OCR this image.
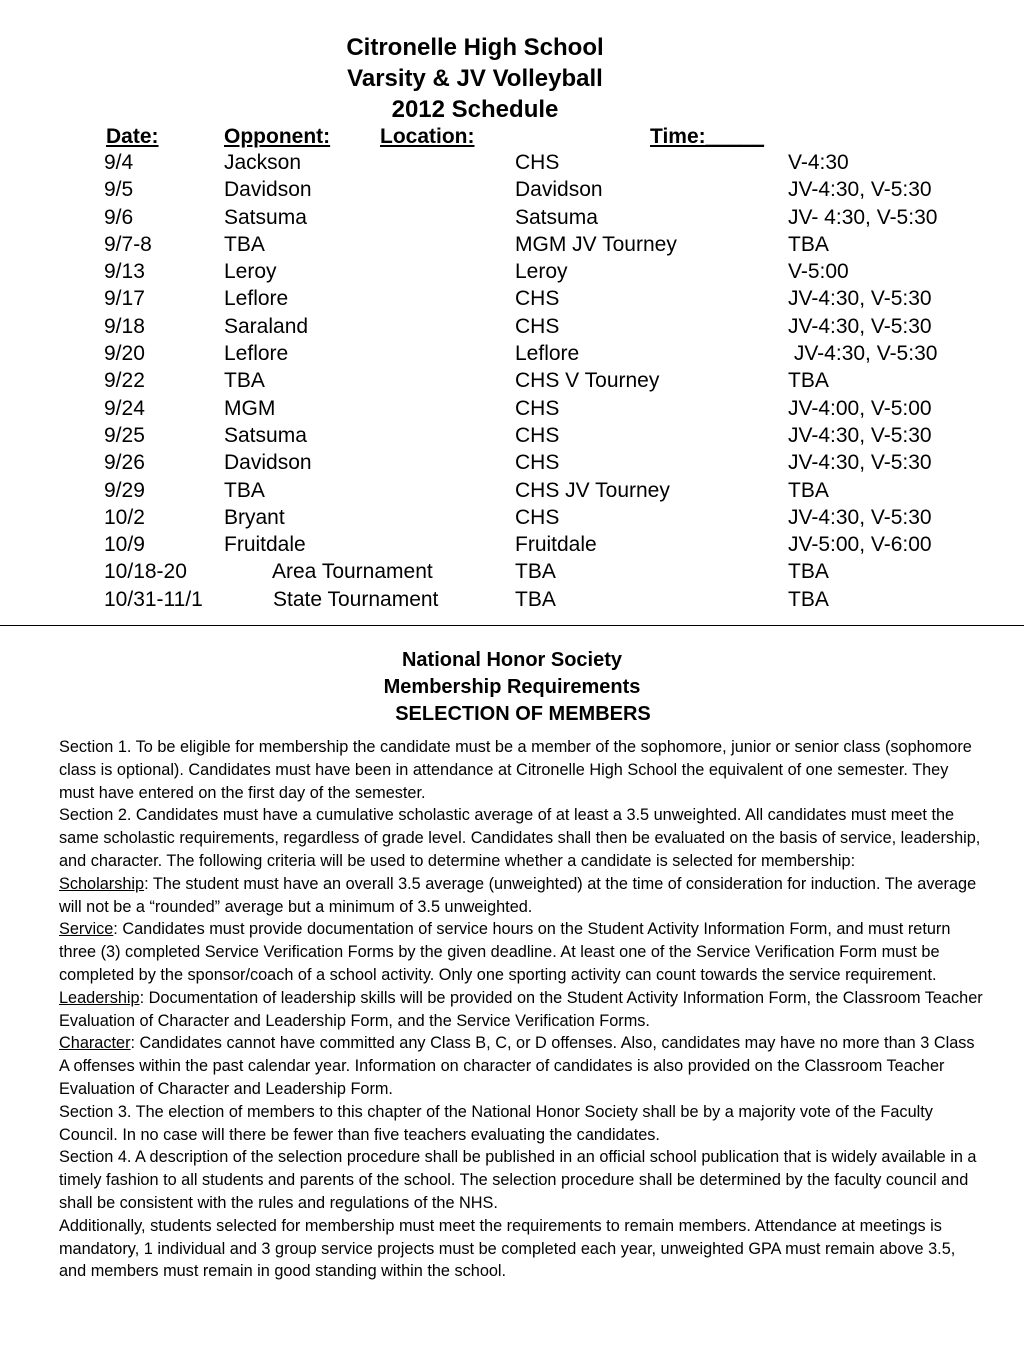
Citronelle High School
Varsity & JV Volleyball
2012 Schedule
Date:	Opponent:	Location:	Time:_____
9/4	Jackson	CHS	V-4:30
9/5	Davidson	Davidson	JV-4:30, V-5:30
9/6	Satsuma	Satsuma	JV- 4:30, V-5:30
9/7-8	TBA	MGM JV Tourney	TBA
9/13	Leroy	Leroy	V-5:00
9/17	Leflore	CHS	JV-4:30, V-5:30
9/18	Saraland	CHS	JV-4:30, V-5:30
9/20	Leflore	Leflore	JV-4:30, V-5:30
9/22	TBA	CHS V Tourney	TBA
9/24	MGM	CHS	JV-4:00, V-5:00
9/25	Satsuma	CHS	JV-4:30, V-5:30
9/26	Davidson	CHS	JV-4:30, V-5:30
9/29	TBA	CHS JV Tourney	TBA
10/2	Bryant	CHS	JV-4:30, V-5:30
10/9	Fruitdale	Fruitdale	JV-5:00, V-6:00
10/18-20	Area Tournament	TBA	TBA
10/31-11/1	State Tournament	TBA	TBA
National Honor Society
Membership Requirements
SELECTION OF MEMBERS

Section 1. To be eligible for membership the candidate must be a member of the sophomore, junior or senior class (sophomore class is optional). Candidates must have been in attendance at Citronelle High School the equivalent of one semester. They must have entered on the first day of the semester.

Section 2. Candidates must have a cumulative scholastic average of at least a 3.5 unweighted. All candidates must meet the same scholastic requirements, regardless of grade level. Candidates shall then be evaluated on the basis of service, leadership, and character. The following criteria will be used to determine whether a candidate is selected for membership:

Scholarship: The student must have an overall 3.5 average (unweighted) at the time of consideration for induction. The average will not be a “rounded” average but a minimum of 3.5 unweighted.

Service: Candidates must provide documentation of service hours on the Student Activity Information Form, and must return three (3) completed Service Verification Forms by the given deadline. At least one of the Service Verification Form must be completed by the sponsor/coach of a school activity. Only one sporting activity can count towards the service requirement.

Leadership: Documentation of leadership skills will be provided on the Student Activity Information Form, the Classroom Teacher Evaluation of Character and Leadership Form, and the Service Verification Forms.

Character: Candidates cannot have committed any Class B, C, or D offenses. Also, candidates may have no more than 3 Class A offenses within the past calendar year. Information on character of candidates is also provided on the Classroom Teacher Evaluation of Character and Leadership Form.

Section 3. The election of members to this chapter of the National Honor Society shall be by a majority vote of the Faculty Council. In no case will there be fewer than five teachers evaluating the candidates.

Section 4. A description of the selection procedure shall be published in an official school publication that is widely available in a timely fashion to all students and parents of the school. The selection procedure shall be determined by the faculty council and shall be consistent with the rules and regulations of the NHS.

Additionally, students selected for membership must meet the requirements to remain members. Attendance at meetings is mandatory, 1 individual and 3 group service projects must be completed each year, unweighted GPA must remain above 3.5, and members must remain in good standing within the school.
